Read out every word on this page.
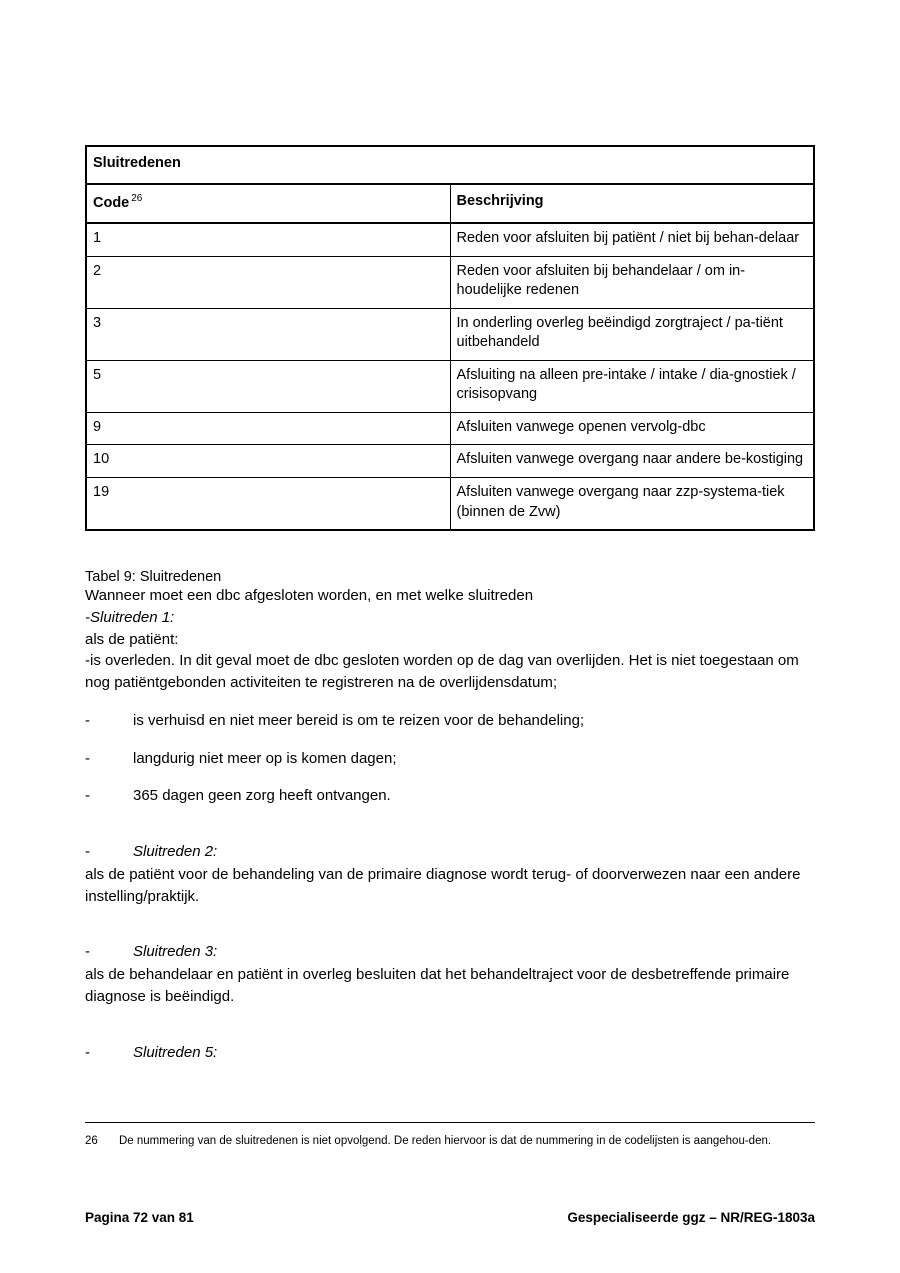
Sluitredenen	
Code $^{26}$	Beschrijving
1	Reden voor afsluiten bij patiënt / niet bij behan-delaar
2	Reden voor afsluiten bij behandelaar / om in-houdelijke redenen
3	In onderling overleg beëindigd zorgtraject / pa-tiënt uitbehandeld
5	Afsluiting na alleen pre-intake / intake / dia-gnostiek / crisisopvang
9	Afsluiten vanwege openen vervolg-dbc
10	Afsluiten vanwege overgang naar andere be-kostiging
19	Afsluiten vanwege overgang naar zzp-systema-tiek (binnen de Zvw)
Tabel 9: Sluitredenen

Wanneer moet een dbc afgesloten worden, en met welke sluitreden

-Sluitreden 1:

als de patiënt:

-is overleden. In dit geval moet de dbc gesloten worden op de dag van overlijden. Het is niet toegestaan om nog patiëntgebonden activiteiten te registreren na de overlijdensdatum;

-	is verhuisd en niet meer bereid is om te reizen voor de behandeling;
-	langdurig niet meer op is komen dagen;
-	365 dagen geen zorg heeft ontvangen.
-	Sluitreden 2:
als de patiënt voor de behandeling van de primaire diagnose wordt terug- of doorverwezen naar een andere instelling/praktijk.
-	Sluitreden 3:
als de behandelaar en patiënt in overleg besluiten dat het behandeltraject voor de desbetreffende primaire diagnose is beëindigd.
-	Sluitreden 5:
26	De nummering van de sluitredenen is niet opvolgend. De reden hiervoor is dat de nummering in de codelijsten is aangehou-den.
Pagina 72 van 81	Gespecialiseerde ggz – NR/REG-1803a
